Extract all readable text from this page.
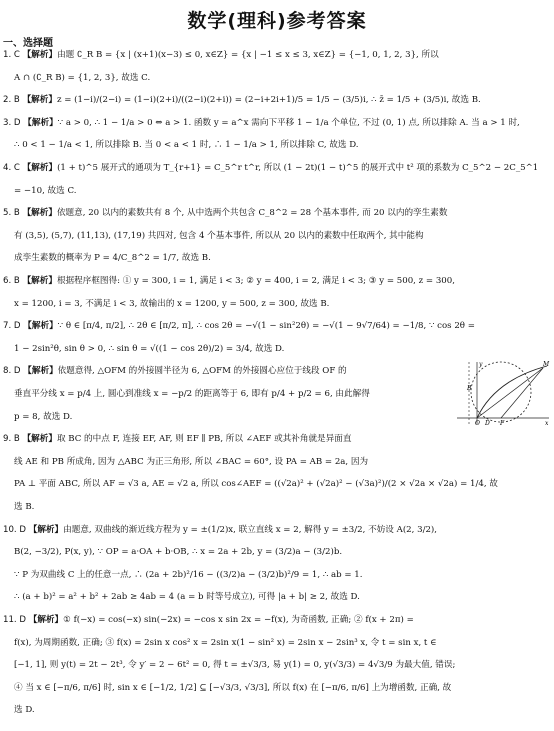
数学(理科)参考答案
一、选择题
1. C 【解析】由题 ∁_R B = {x | (x+1)(x−3) ≤ 0, x∈Z} = {x | −1 ≤ x ≤ 3, x∈Z} = {−1, 0, 1, 2, 3}, 所以
A ∩ (∁_R B) = {1, 2, 3}, 故选 C.
2. B 【解析】z = (1−i)/(2−i) = (1−i)(2+i)/((2−i)(2+i)) = (2−i+2i+1)/5 = 1/5 − (3/5)i, ∴ z̄ = 1/5 + (3/5)i, 故选 B.
3. D 【解析】∵ a > 0, ∴ 1 − 1/a > 0 ⇔ a > 1. 函数 y = a^x 需向下平移 1 − 1/a 个单位, 不过 (0, 1) 点, 所以排除 A. 当 a > 1 时,
∴ 0 < 1 − 1/a < 1, 所以排除 B. 当 0 < a < 1 时, ∴ 1 − 1/a > 1, 所以排除 C, 故选 D.
4. C 【解析】(1 + t)^5 展开式的通项为 T_{r+1} = C_5^r t^r, 所以 (1 − 2t)(1 − t)^5 的展开式中 t² 项的系数为 C_5^2 − 2C_5^1
= −10, 故选 C.
5. B 【解析】依题意, 20 以内的素数共有 8 个, 从中选两个共包含 C_8^2 = 28 个基本事件, 而 20 以内的孪生素数
有 (3,5), (5,7), (11,13), (17,19) 共四对, 包含 4 个基本事件, 所以从 20 以内的素数中任取两个, 其中能构
成孪生素数的概率为 P = 4/C_8^2 = 1/7, 故选 B.
6. B 【解析】根据程序框图得: ① y = 300, i = 1, 满足 i < 3; ② y = 400, i = 2, 满足 i < 3; ③ y = 500, z = 300,
x = 1200, i = 3, 不满足 i < 3, 故输出的 x = 1200, y = 500, z = 300, 故选 B.
7. D 【解析】∵ θ ∈ [π/4, π/2], ∴ 2θ ∈ [π/2, π], ∴ cos 2θ = −√(1 − sin²2θ) = −√(1 − 9√7/64) = −1/8, ∵ cos 2θ =
1 − 2sin²θ, sin θ > 0, ∴ sin θ = √((1 − cos 2θ)/2) = 3/4, 故选 D.
8. D 【解析】依题意得, △OFM 的外接圆半径为 6, △OFM 的外接圆心应位于线段 OF 的
垂直平分线 x = p/4 上, 圆心到准线 x = −p/2 的距离等于 6, 即有 p/4 + p/2 = 6, 由此解得
p = 8, 故选 D.
9. B 【解析】取 BC 的中点 F, 连接 EF, AF, 则 EF ∥ PB, 所以 ∠AEF 或其补角就是异面直
线 AE 和 PB 所成角, 因为 △ABC 为正三角形, 所以 ∠BAC = 60°, 设 PA = AB = 2a, 因为
PA ⊥ 平面 ABC, 所以 AF = √3 a, AE = √2 a, 所以 cos∠AEF = ((√2a)² + (√2a)² − (√3a)²)/(2 × √2a × √2a) = 1/4, 故
选 B.
10. D 【解析】由题意, 双曲线的渐近线方程为 y = ±(1/2)x, 联立直线 x = 2, 解得 y = ±3/2, 不妨设 A(2, 3/2),
B(2, −3/2), P(x, y), ∵ OP = a·OA + b·OB, ∴ x = 2a + 2b, y = (3/2)a − (3/2)b.
∵ P 为双曲线 C 上的任意一点, ∴ (2a + 2b)²/16 − ((3/2)a − (3/2)b)²/9 = 1, ∴ ab = 1.
∴ (a + b)² = a² + b² + 2ab ≥ 4ab = 4 (a = b 时等号成立), 可得 |a + b| ≥ 2, 故选 D.
11. D 【解析】① f(−x) = cos(−x) sin(−2x) = −cos x sin 2x = −f(x), 为奇函数, 正确; ② f(x + 2π) =
f(x), 为周期函数, 正确; ③ f(x) = 2sin x cos² x = 2sin x(1 − sin² x) = 2sin x − 2sin³ x, 令 t = sin x, t ∈
[−1, 1], 则 y(t) = 2t − 2t³, 令 y′ = 2 − 6t² = 0, 得 t = ±√3/3, 易 y(1) = 0, y(√3/3) = 4√3/9 为最大值, 错误;
④ 当 x ∈ [−π/6, π/6] 时, sin x ∈ [−1/2, 1/2] ⊆ [−√3/3, √3/3], 所以 f(x) 在 [−π/6, π/6] 上为增函数, 正确, 故
选 D.
M
B
y
O D F	x
